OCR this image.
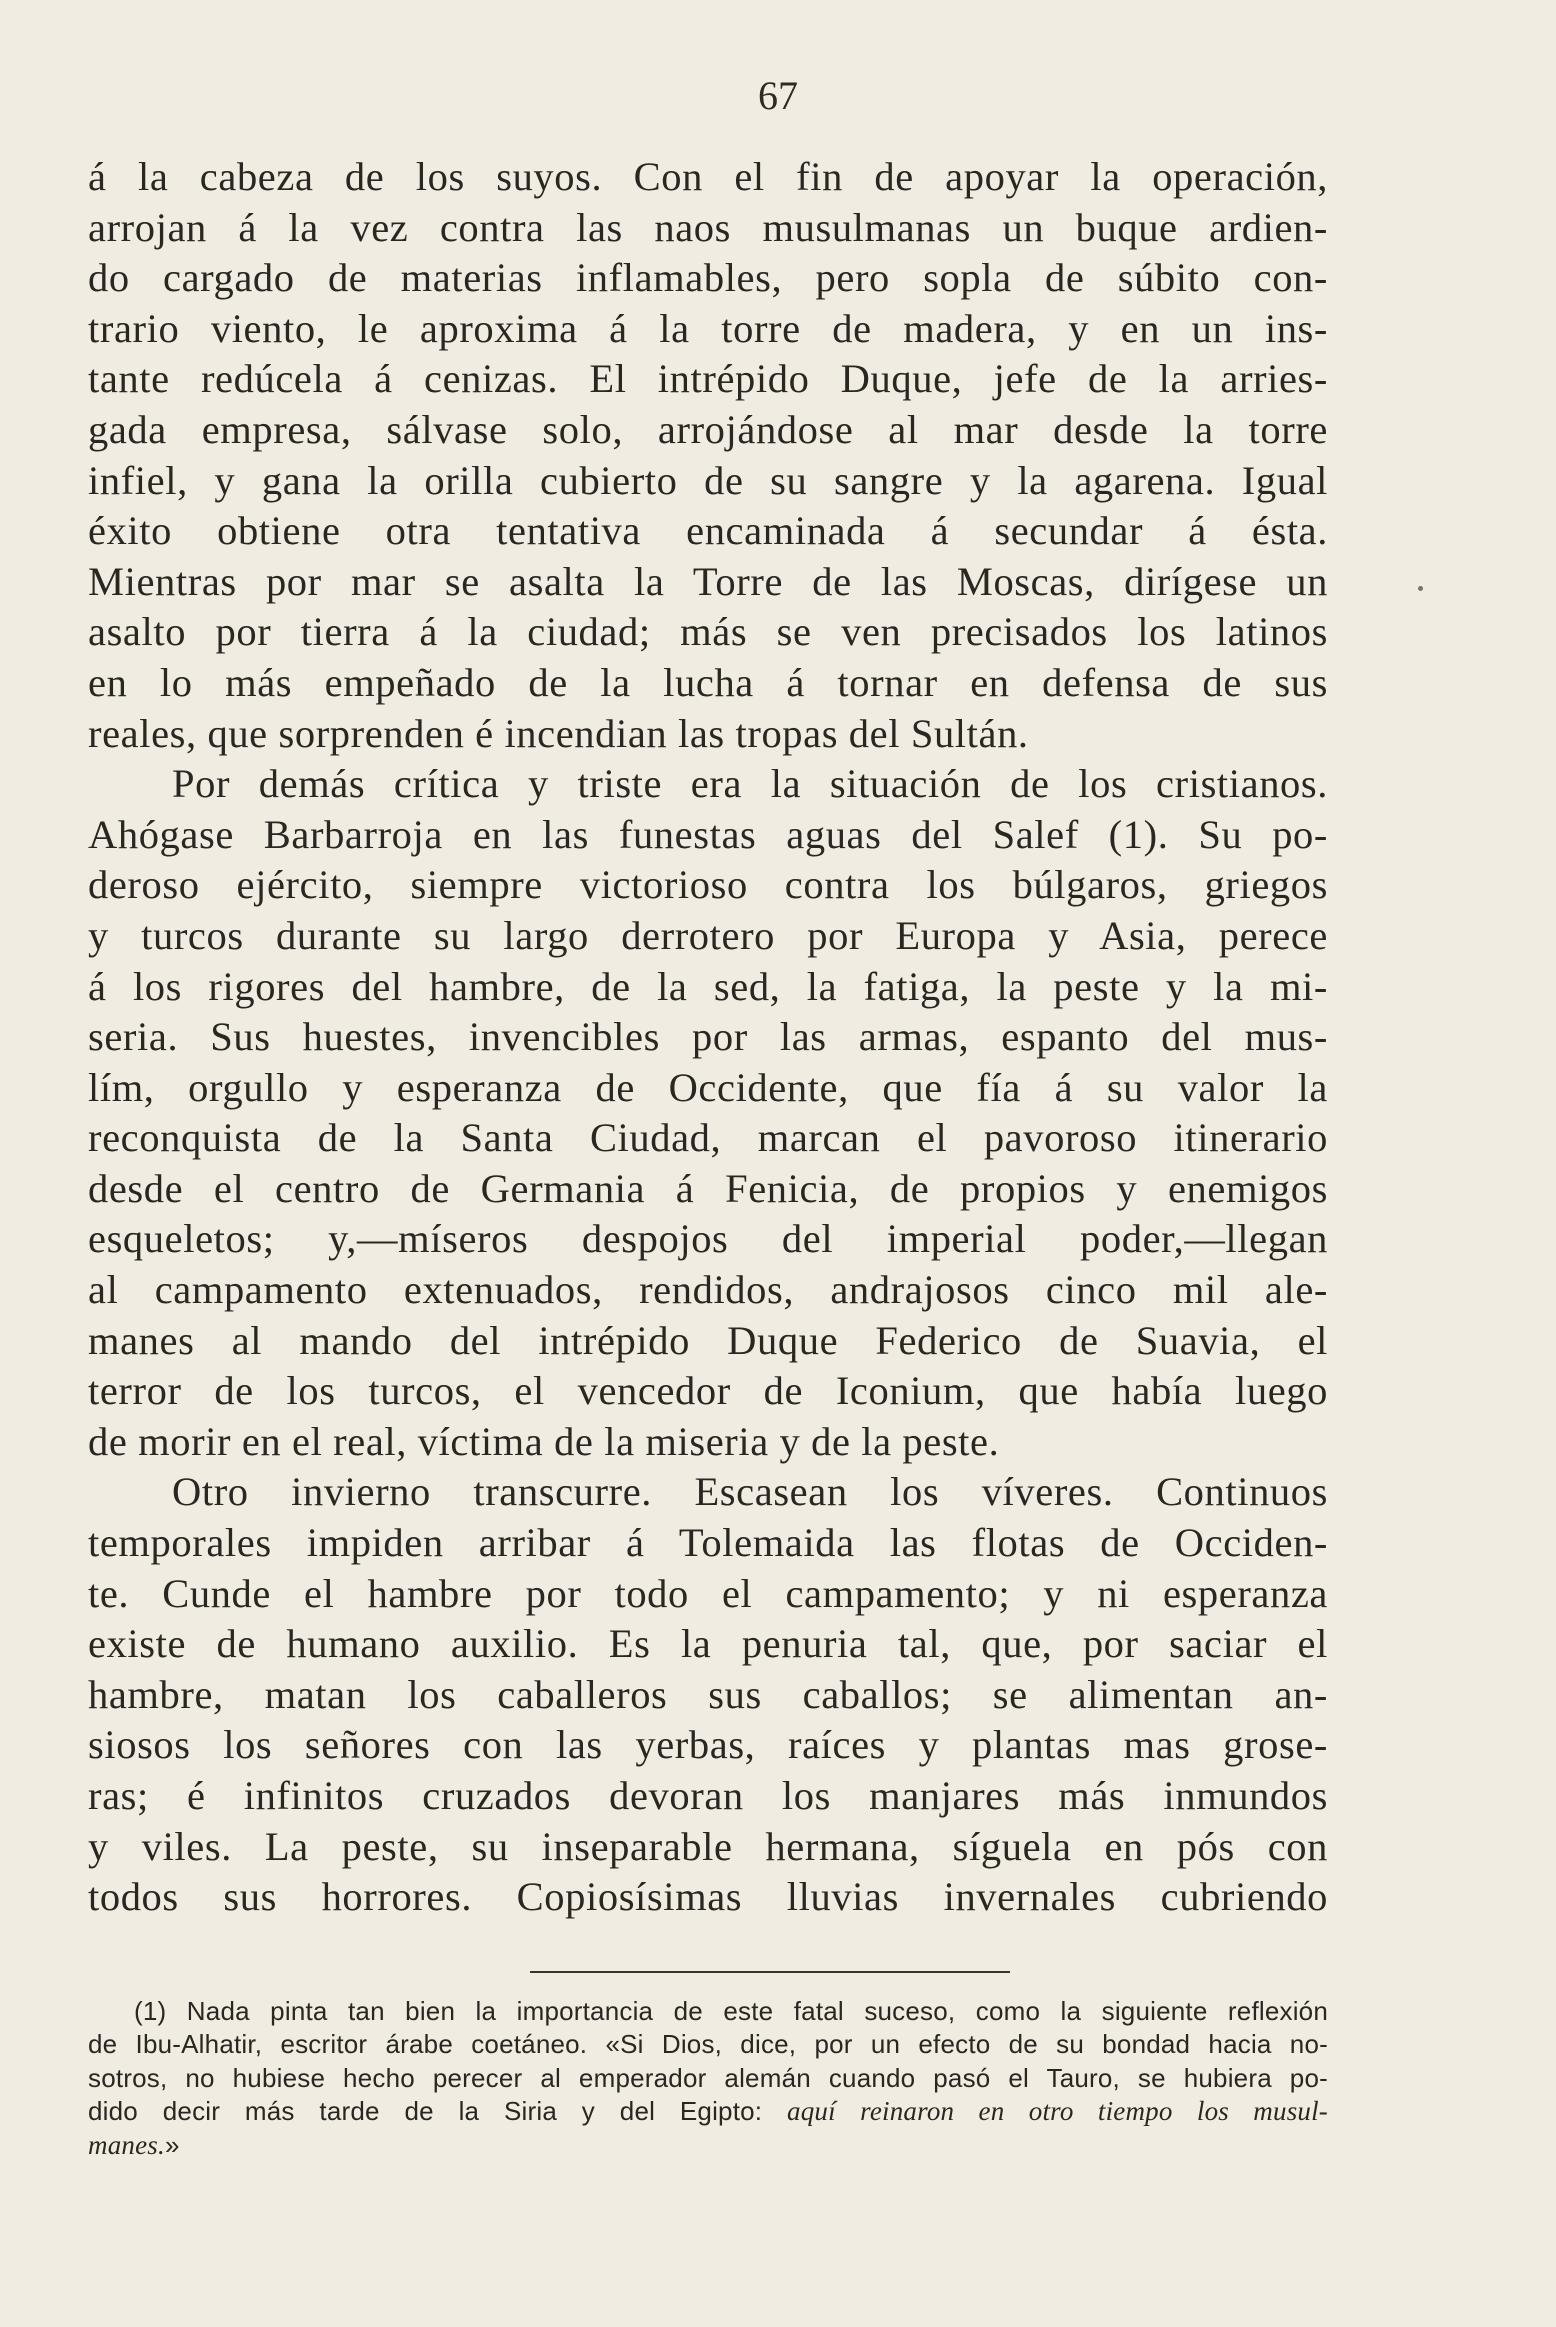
67
á la cabeza de los suyos. Con el fin de apoyar la operación,
arrojan á la vez contra las naos musulmanas un buque ardien-
do cargado de materias inflamables, pero sopla de súbito con-
trario viento, le aproxima á la torre de madera, y en un ins-
tante redúcela á cenizas. El intrépido Duque, jefe de la arries-
gada empresa, sálvase solo, arrojándose al mar desde la torre
infiel, y gana la orilla cubierto de su sangre y la agarena. Igual
éxito obtiene otra tentativa encaminada á secundar á ésta.
Mientras por mar se asalta la Torre de las Moscas, dirígese un
asalto por tierra á la ciudad; más se ven precisados los latinos
en lo más empeñado de la lucha á tornar en defensa de sus
reales, que sorprenden é incendian las tropas del Sultán.
Por demás crítica y triste era la situación de los cristianos.
Ahógase Barbarroja en las funestas aguas del Salef (1). Su po-
deroso ejército, siempre victorioso contra los búlgaros, griegos
y turcos durante su largo derrotero por Europa y Asia, perece
á los rigores del hambre, de la sed, la fatiga, la peste y la mi-
seria. Sus huestes, invencibles por las armas, espanto del mus-
lím, orgullo y esperanza de Occidente, que fía á su valor la
reconquista de la Santa Ciudad, marcan el pavoroso itinerario
desde el centro de Germania á Fenicia, de propios y enemigos
esqueletos; y,—míseros despojos del imperial poder,—llegan
al campamento extenuados, rendidos, andrajosos cinco mil ale-
manes al mando del intrépido Duque Federico de Suavia, el
terror de los turcos, el vencedor de Iconium, que había luego
de morir en el real, víctima de la miseria y de la peste.
Otro invierno transcurre. Escasean los víveres. Continuos
temporales impiden arribar á Tolemaida las flotas de Occiden-
te. Cunde el hambre por todo el campamento; y ni esperanza
existe de humano auxilio. Es la penuria tal, que, por saciar el
hambre, matan los caballeros sus caballos; se alimentan an-
siosos los señores con las yerbas, raíces y plantas mas grose-
ras; é infinitos cruzados devoran los manjares más inmundos
y viles. La peste, su inseparable hermana, síguela en pós con
todos sus horrores. Copiosísimas lluvias invernales cubriendo
(1) Nada pinta tan bien la importancia de este fatal suceso, como la siguiente reflexión
de Ibu-Alhatir, escritor árabe coetáneo. «Si Dios, dice, por un efecto de su bondad hacia no-
sotros, no hubiese hecho perecer al emperador alemán cuando pasó el Tauro, se hubiera po-
dido decir más tarde de la Siria y del Egipto: aquí reinaron en otro tiempo los musul-
manes.»
